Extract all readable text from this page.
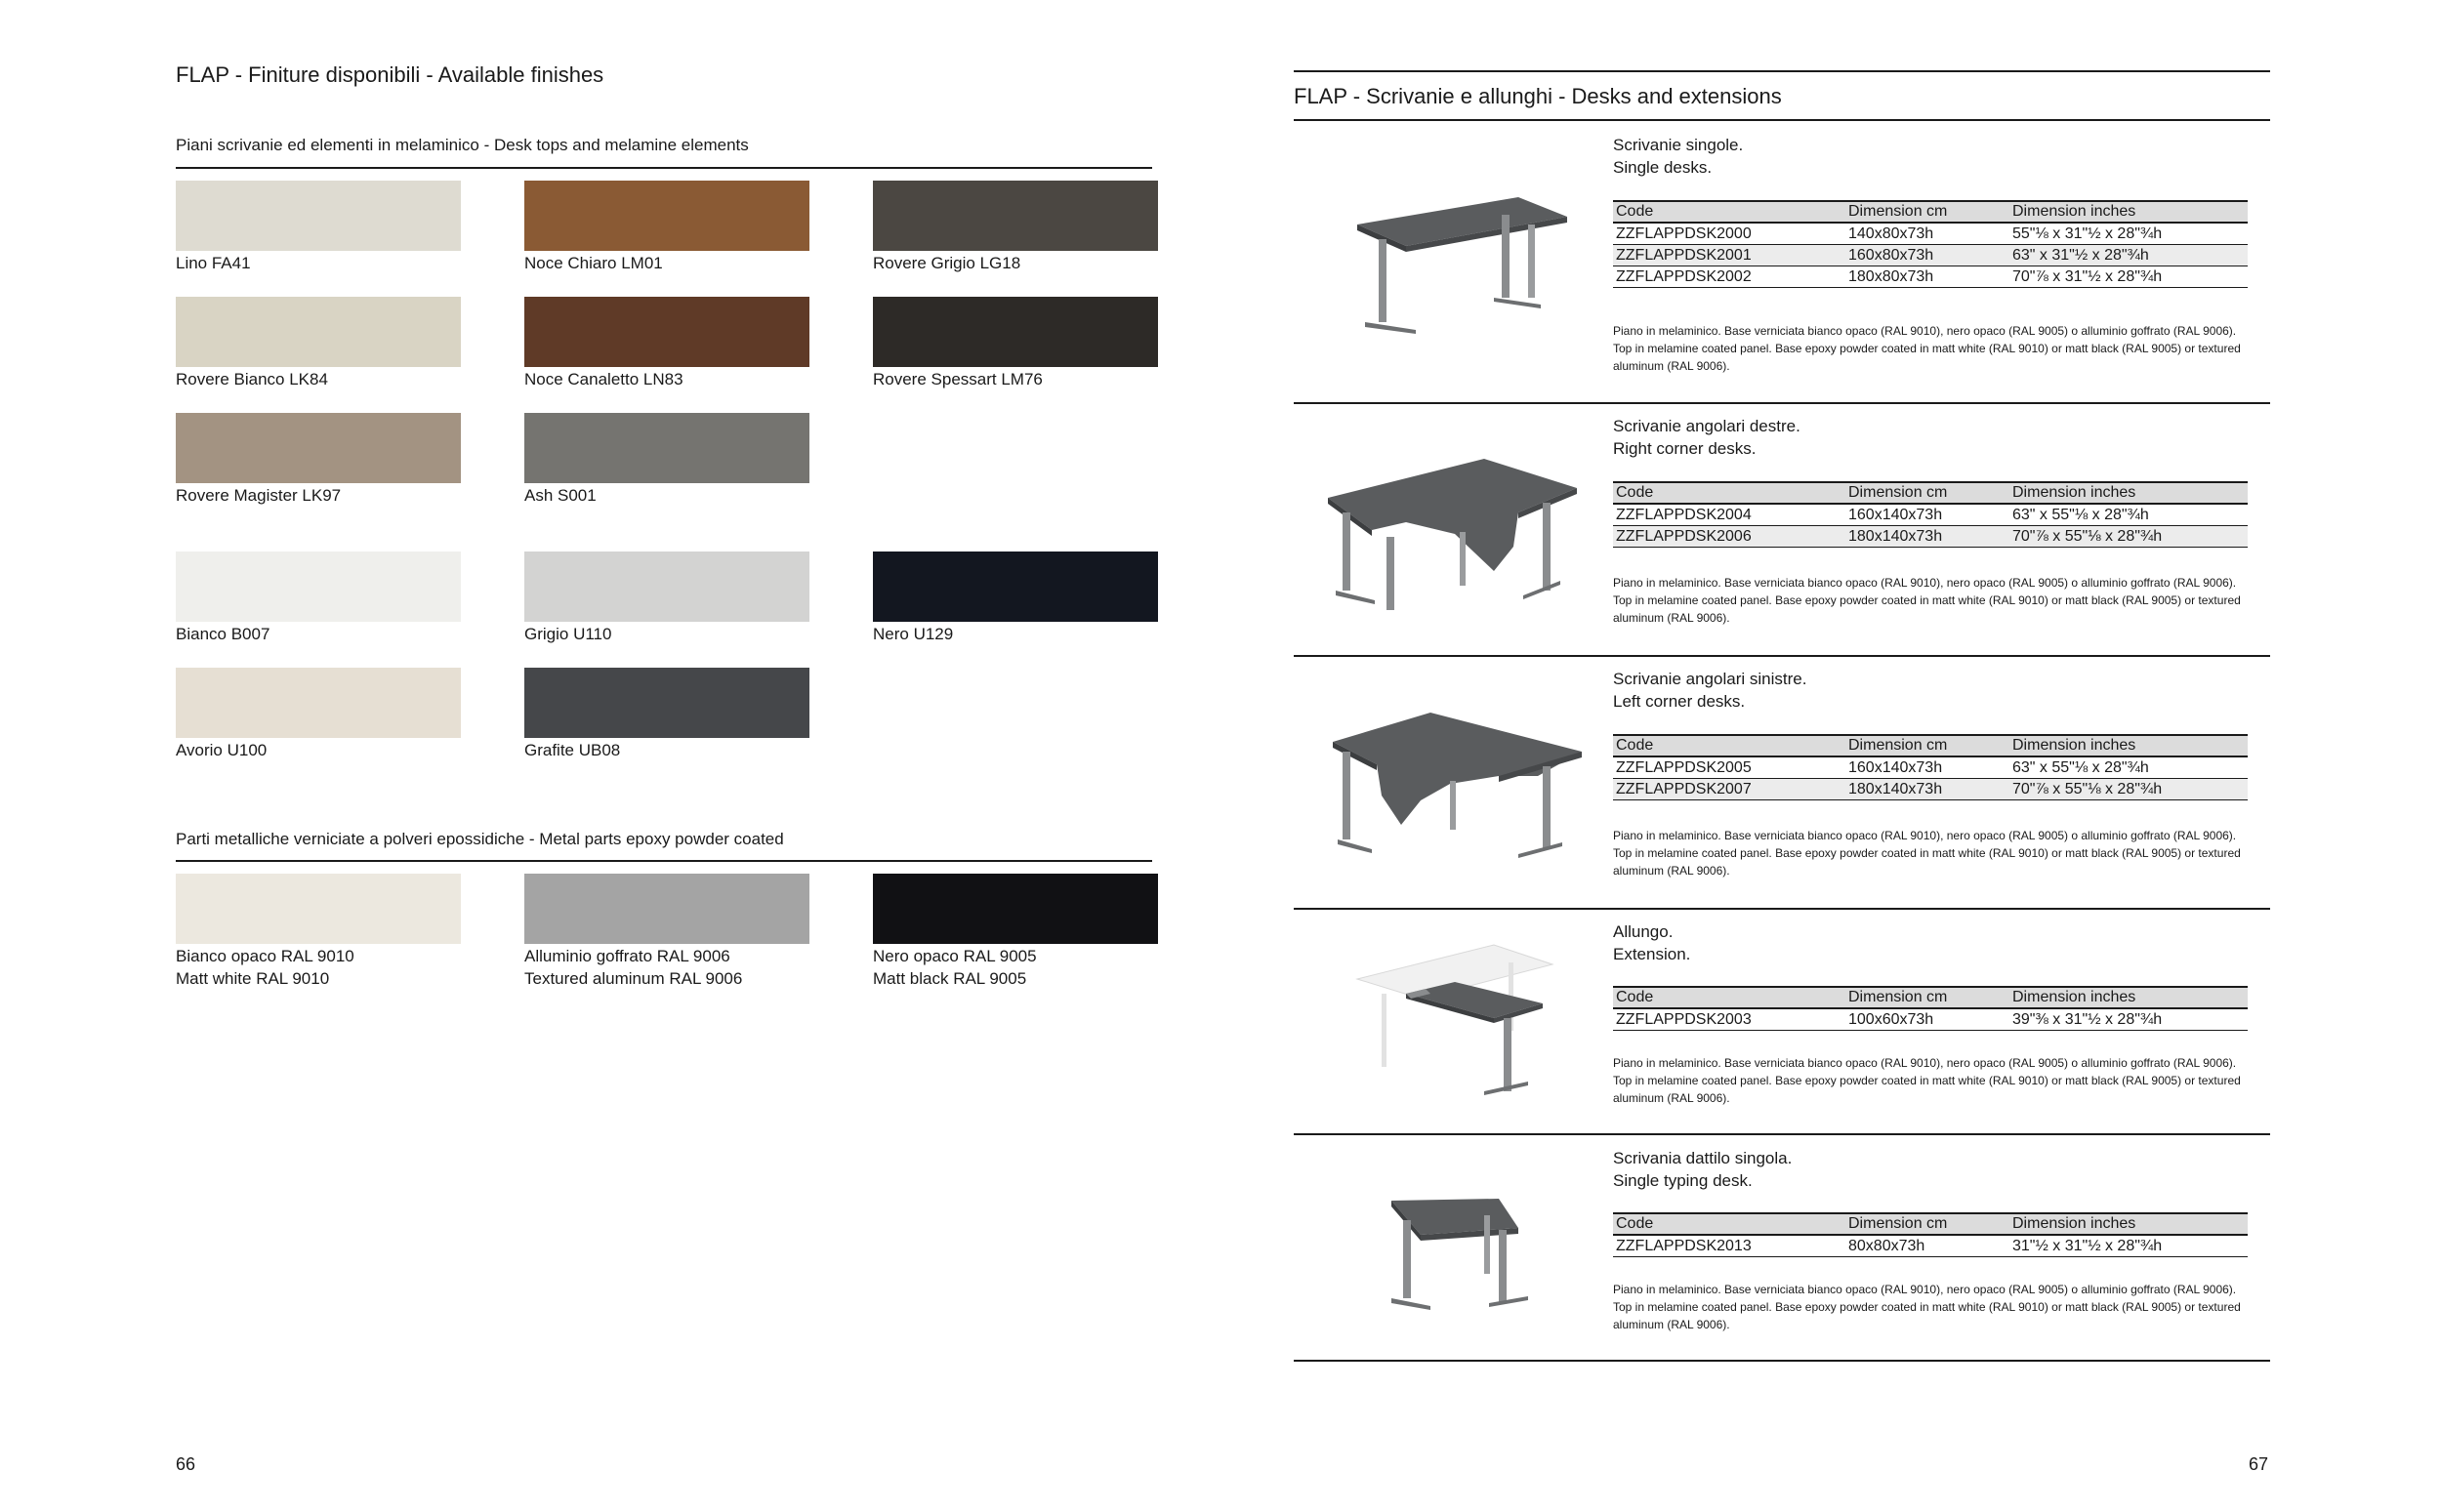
FLAP - Finiture disponibili - Available finishes
Piani scrivanie ed elementi in melaminico - Desk tops and melamine elements
Lino FA41	Noce Chiaro LM01	Rovere Grigio LG18
Rovere Bianco LK84	Noce Canaletto LN83	Rovere Spessart LM76
Rovere Magister LK97	Ash S001
Bianco B007	Grigio U110	Nero U129
Avorio U100	Grafite UB08
Parti metalliche verniciate a polveri epossidiche - Metal parts epoxy powder coated
Bianco opaco RAL 9010
Matt white RAL 9010
Alluminio goffrato RAL 9006
Textured aluminum RAL 9006
Nero opaco RAL 9005
Matt black RAL 9005
66
FLAP - Scrivanie e allunghi - Desks and extensions
Scrivanie singole.
Single desks.
Code	Dimension cm	Dimension inches
ZZFLAPPDSK2000	140x80x73h	55"⅛ x 31"½ x 28"¾h
ZZFLAPPDSK2001	160x80x73h	63" x 31"½ x 28"¾h
ZZFLAPPDSK2002	180x80x73h	70"⅞ x 31"½ x 28"¾h
Piano in melaminico. Base verniciata bianco opaco (RAL 9010), nero opaco (RAL 9005) o alluminio goffrato (RAL 9006).
Top in melamine coated panel. Base epoxy powder coated in matt white (RAL 9010) or matt black (RAL 9005) or textured aluminum (RAL 9006).
Scrivanie angolari destre.
Right corner desks.
Code	Dimension cm	Dimension inches
ZZFLAPPDSK2004	160x140x73h	63" x 55"⅛ x 28"¾h
ZZFLAPPDSK2006	180x140x73h	70"⅞ x 55"⅛ x 28"¾h
Piano in melaminico. Base verniciata bianco opaco (RAL 9010), nero opaco (RAL 9005) o alluminio goffrato (RAL 9006).
Top in melamine coated panel. Base epoxy powder coated in matt white (RAL 9010) or matt black (RAL 9005) or textured aluminum (RAL 9006).
Scrivanie angolari sinistre.
Left corner desks.
Code	Dimension cm	Dimension inches
ZZFLAPPDSK2005	160x140x73h	63" x 55"⅛ x 28"¾h
ZZFLAPPDSK2007	180x140x73h	70"⅞ x 55"⅛ x 28"¾h
Piano in melaminico. Base verniciata bianco opaco (RAL 9010), nero opaco (RAL 9005) o alluminio goffrato (RAL 9006).
Top in melamine coated panel. Base epoxy powder coated in matt white (RAL 9010) or matt black (RAL 9005) or textured aluminum (RAL 9006).
Allungo.
Extension.
Code	Dimension cm	Dimension inches
ZZFLAPPDSK2003	100x60x73h	39"⅜ x 31"½ x 28"¾h
Piano in melaminico. Base verniciata bianco opaco (RAL 9010), nero opaco (RAL 9005) o alluminio goffrato (RAL 9006).
Top in melamine coated panel. Base epoxy powder coated in matt white (RAL 9010) or matt black (RAL 9005) or textured aluminum (RAL 9006).
Scrivania dattilo singola.
Single typing desk.
Code	Dimension cm	Dimension inches
ZZFLAPPDSK2013	80x80x73h	31"½ x 31"½ x 28"¾h
Piano in melaminico. Base verniciata bianco opaco (RAL 9010), nero opaco (RAL 9005) o alluminio goffrato (RAL 9006).
Top in melamine coated panel. Base epoxy powder coated in matt white (RAL 9010) or matt black (RAL 9005) or textured aluminum (RAL 9006).
67
